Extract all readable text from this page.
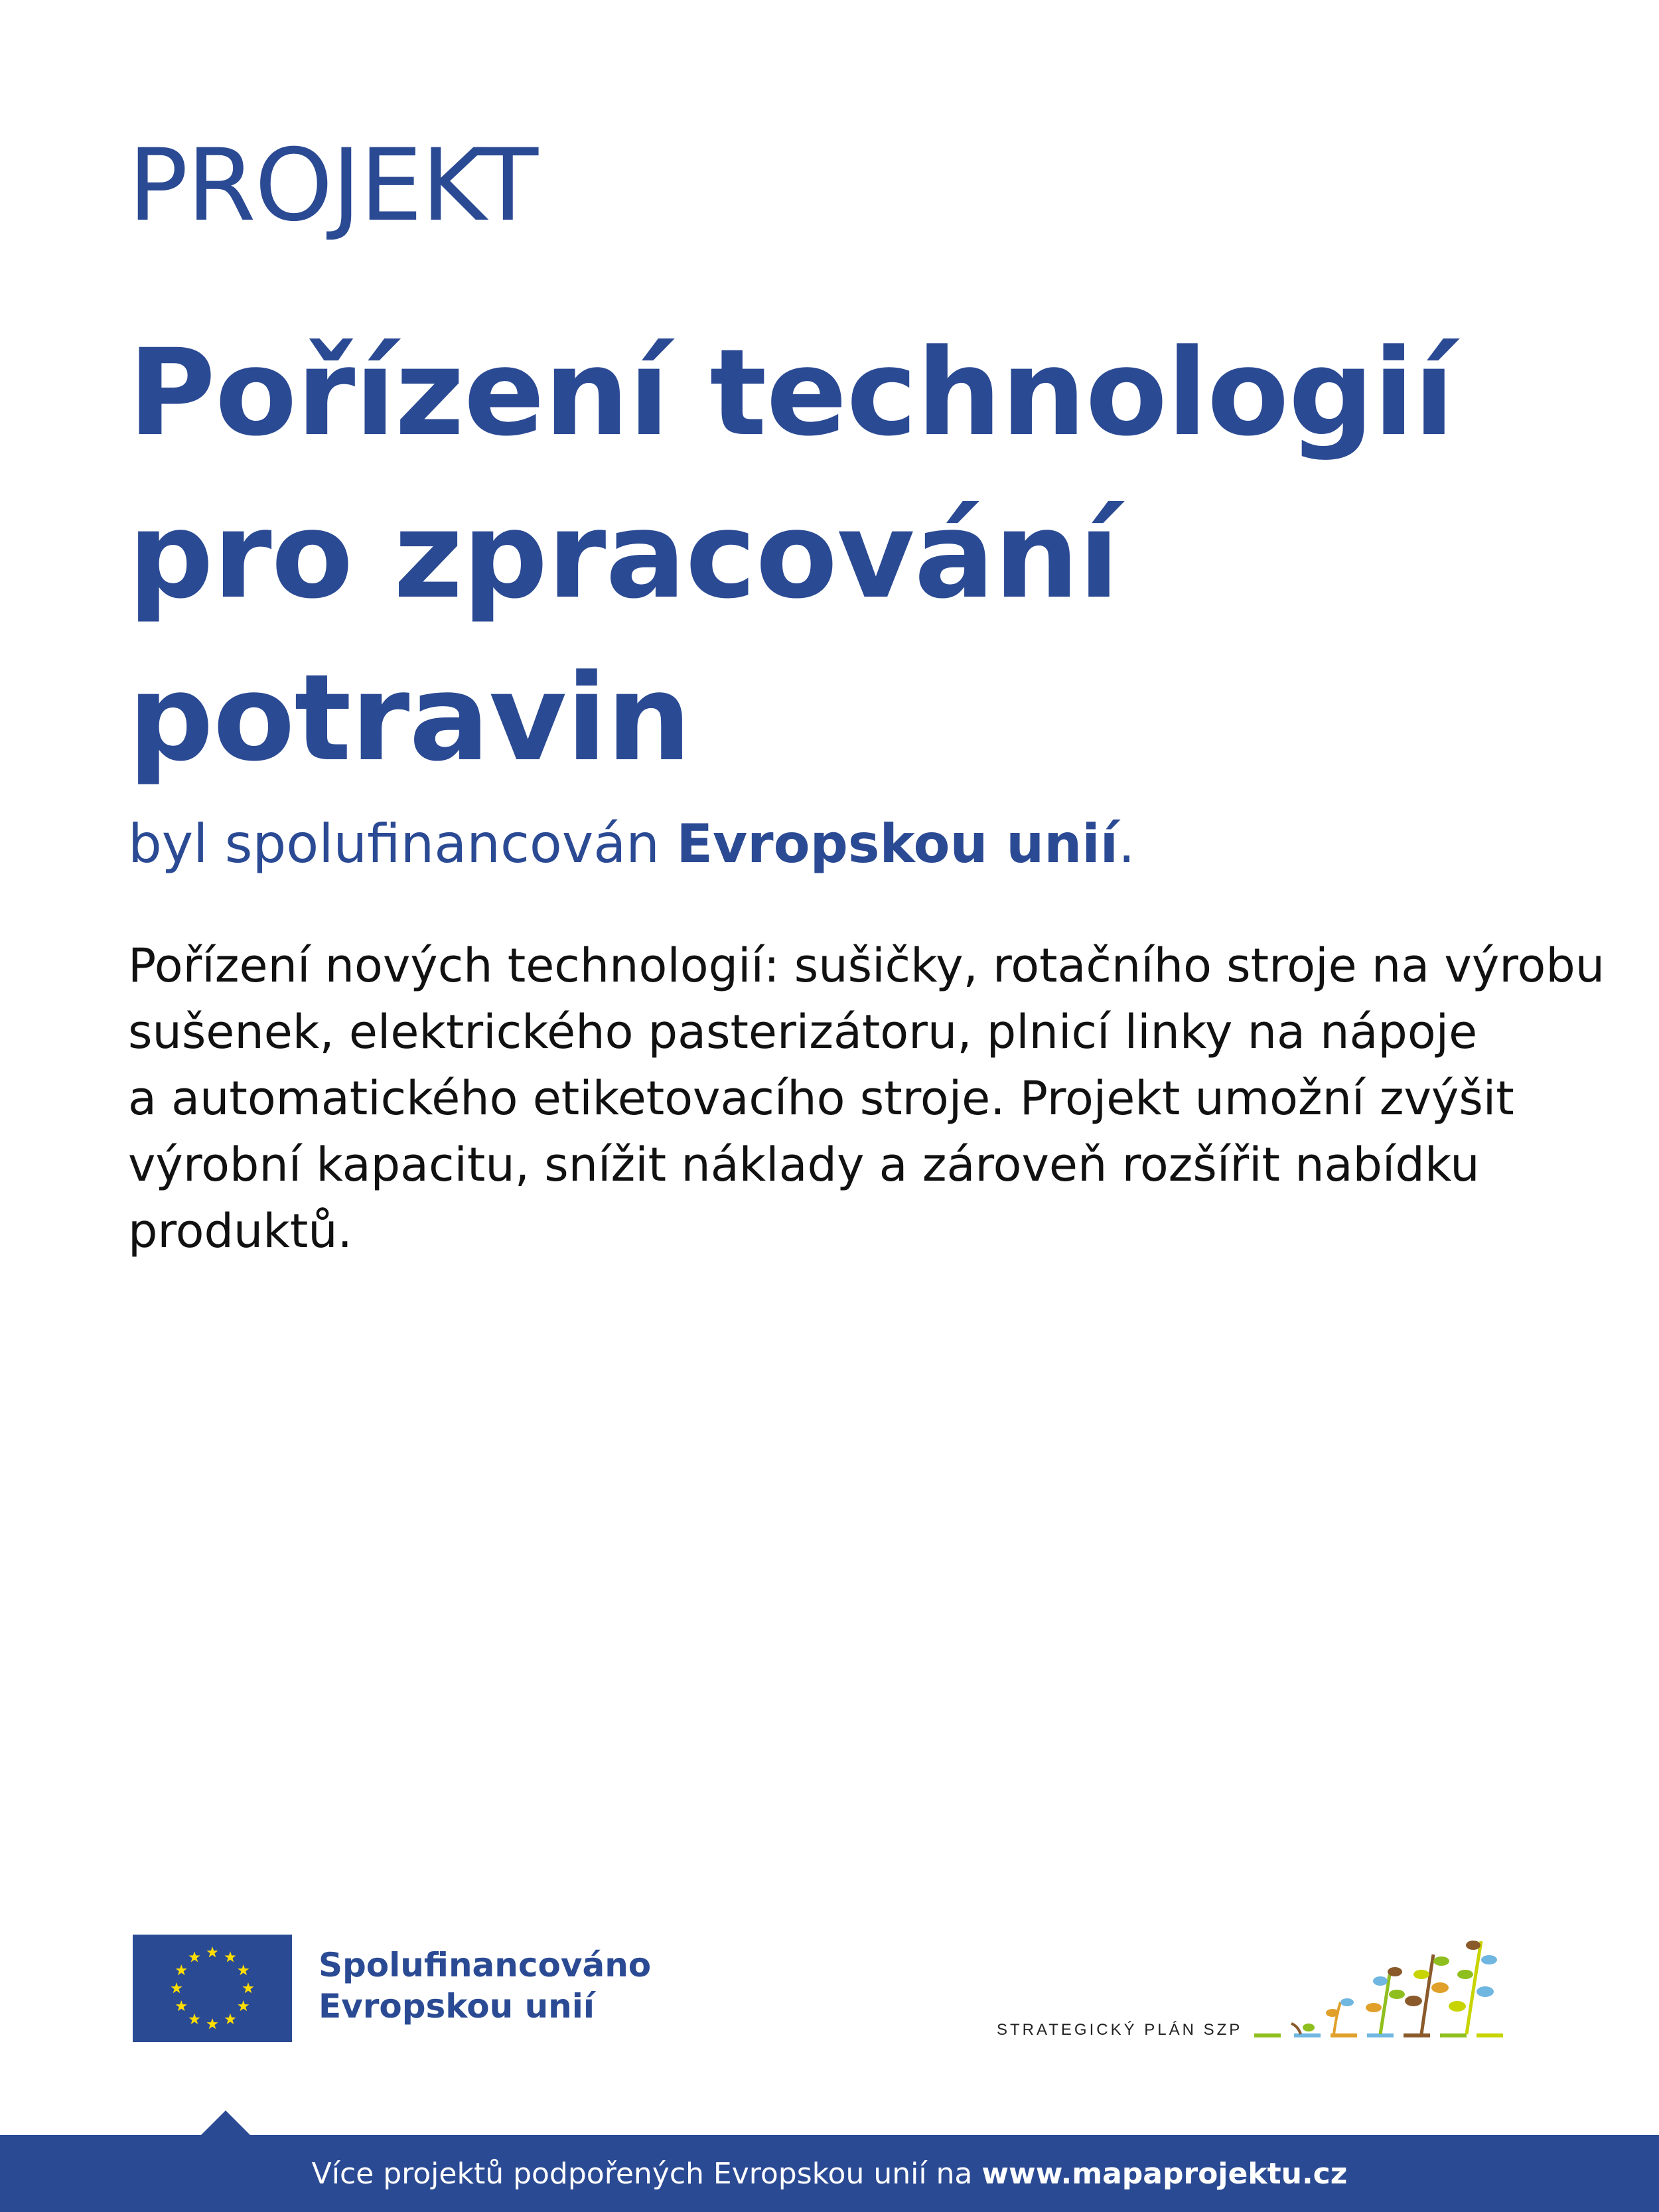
PROJEKT
Pořízení technologií
pro zpracování
potravin
byl spolufinancován Evropskou unií.
Pořízení nových technologií: sušičky, rotačního stroje na výrobu
sušenek, elektrického pasterizátoru, plnicí linky na nápoje
a automatického etiketovacího stroje. Projekt umožní zvýšit
výrobní kapacitu, snížit náklady a zároveň rozšířit nabídku
produktů.
Spolufinancováno
Evropskou unií
STRATEGICKÝ PLÁN SZP
Více projektů podpořených Evropskou unií na
www.mapaprojektu.cz
